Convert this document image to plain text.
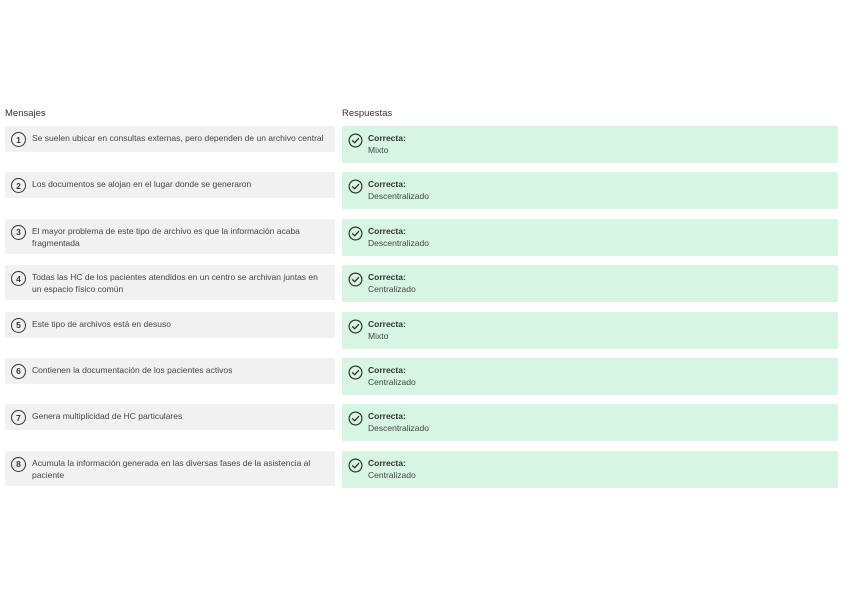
Mensajes	Respuestas
1	Se suelen ubicar en consultas externas, pero dependen de un archivo central	Correcta:
Mixto
2	Los documentos se alojan en el lugar donde se generaron	Correcta:
Descentralizado
3	El mayor problema de este tipo de archivo es que la información acaba fragmentada
Correcta:
Descentralizado
4	Todas las HC de los pacientes atendidos en un centro se archivan juntas en un espacio físico común
Correcta:
Centralizado
5	Este tipo de archivos está en desuso	Correcta:
Mixto
6	Contienen la documentación de los pacientes activos	Correcta:
Centralizado
7	Genera multiplicidad de HC particulares	Correcta:
Descentralizado
8	Acumula la información generada en las diversas fases de la asistencia al paciente
Correcta:
Centralizado
